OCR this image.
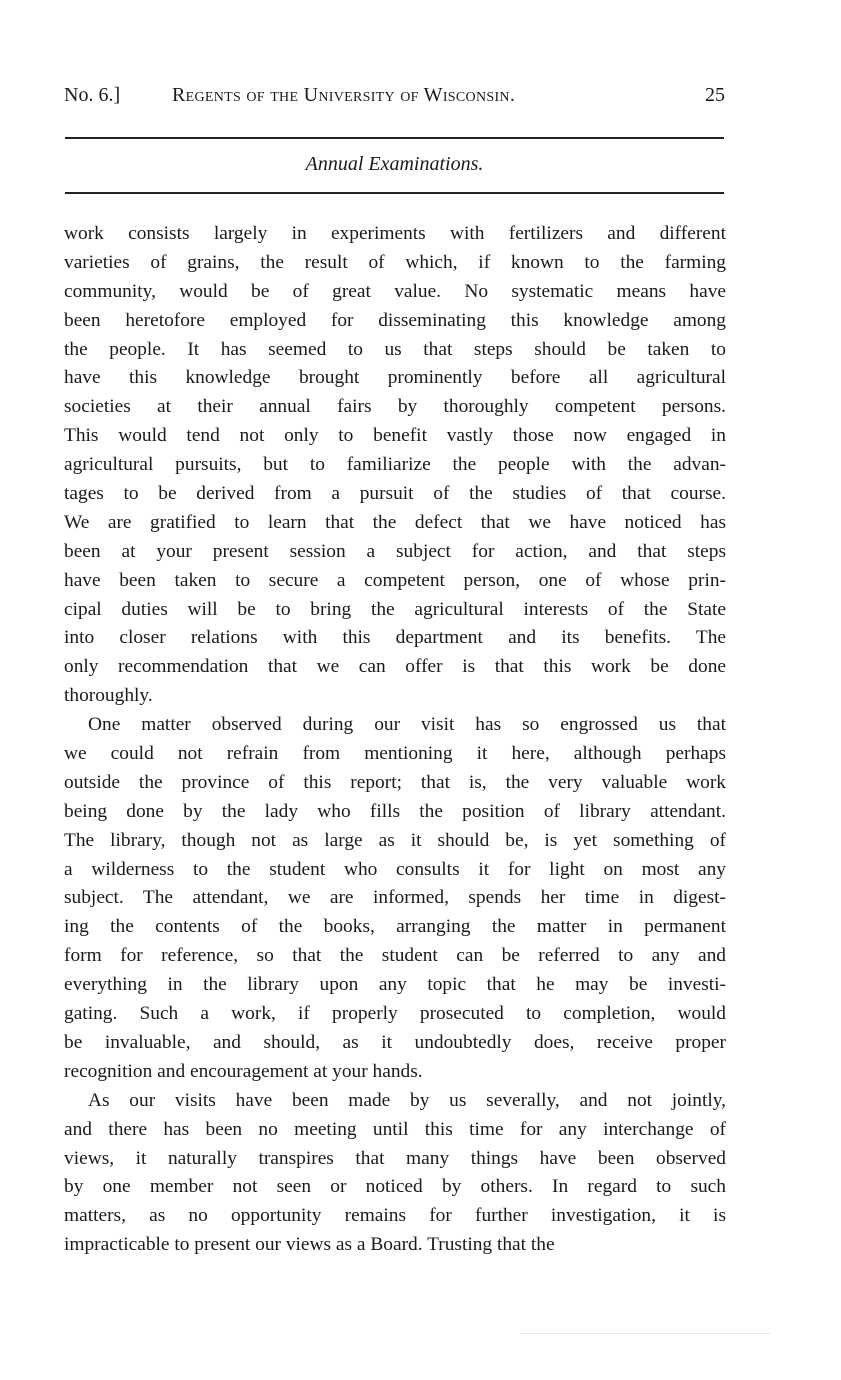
No. 6.]	Regents of the University of Wisconsin.	25
Annual Examinations.
work consists largely in experiments with fertilizers and different
varieties of grains, the result of which, if known to the farming
community, would be of great value. No systematic means have
been heretofore employed for disseminating this knowledge among
the people. It has seemed to us that steps should be taken to
have this knowledge brought prominently before all agricultural
societies at their annual fairs by thoroughly competent persons.
This would tend not only to benefit vastly those now engaged in
agricultural pursuits, but to familiarize the people with the advan-
tages to be derived from a pursuit of the studies of that course.
We are gratified to learn that the defect that we have noticed has
been at your present session a subject for action, and that steps
have been taken to secure a competent person, one of whose prin-
cipal duties will be to bring the agricultural interests of the State
into closer relations with this department and its benefits. The
only recommendation that we can offer is that this work be done
thoroughly.
One matter observed during our visit has so engrossed us that
we could not refrain from mentioning it here, although perhaps
outside the province of this report; that is, the very valuable work
being done by the lady who fills the position of library attendant.
The library, though not as large as it should be, is yet something of
a wilderness to the student who consults it for light on most any
subject. The attendant, we are informed, spends her time in digest-
ing the contents of the books, arranging the matter in permanent
form for reference, so that the student can be referred to any and
everything in the library upon any topic that he may be investi-
gating. Such a work, if properly prosecuted to completion, would
be invaluable, and should, as it undoubtedly does, receive proper
recognition and encouragement at your hands.
As our visits have been made by us severally, and not jointly,
and there has been no meeting until this time for any interchange of
views, it naturally transpires that many things have been observed
by one member not seen or noticed by others. In regard to such
matters, as no opportunity remains for further investigation, it is
impracticable to present our views as a Board. Trusting that the
